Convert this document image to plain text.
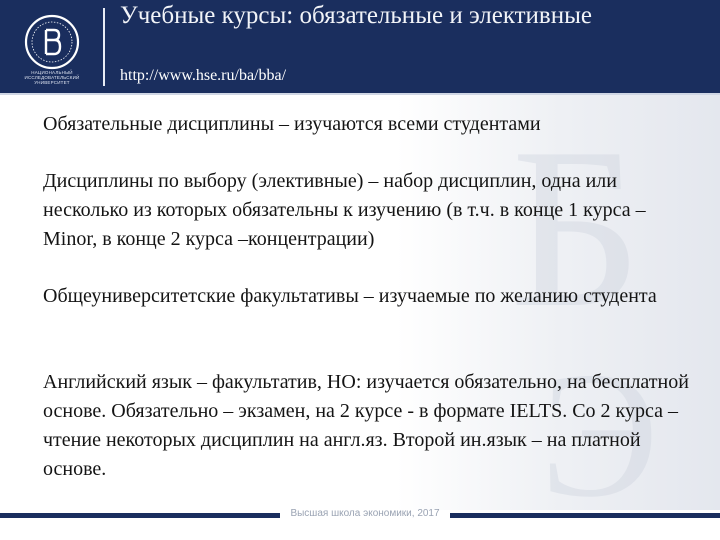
НАЦИОНАЛЬНЫЙ ИССЛЕДОВАТЕЛЬСКИЙ УНИВЕРСИТЕТ
Учебные курсы: обязательные и элективные
http://www.hse.ru/ba/bba/
Б
Э

Обязательные дисциплины – изучаются всеми студентами

Дисциплины по выбору (элективные) – набор дисциплин, одна или несколько из которых обязательны к изучению (в т.ч. в конце 1 курса – Minor, в конце 2 курса –концентрации)

Общеуниверситетские факультативы – изучаемые по желанию студента

Английский язык – факультатив, НО: изучается обязательно, на бесплатной основе. Обязательно – экзамен, на 2 курсе - в формате IELTS. Со 2 курса – чтение некоторых дисциплин на англ.яз. Второй ин.язык – на платной основе.

Высшая школа экономики, 2017
